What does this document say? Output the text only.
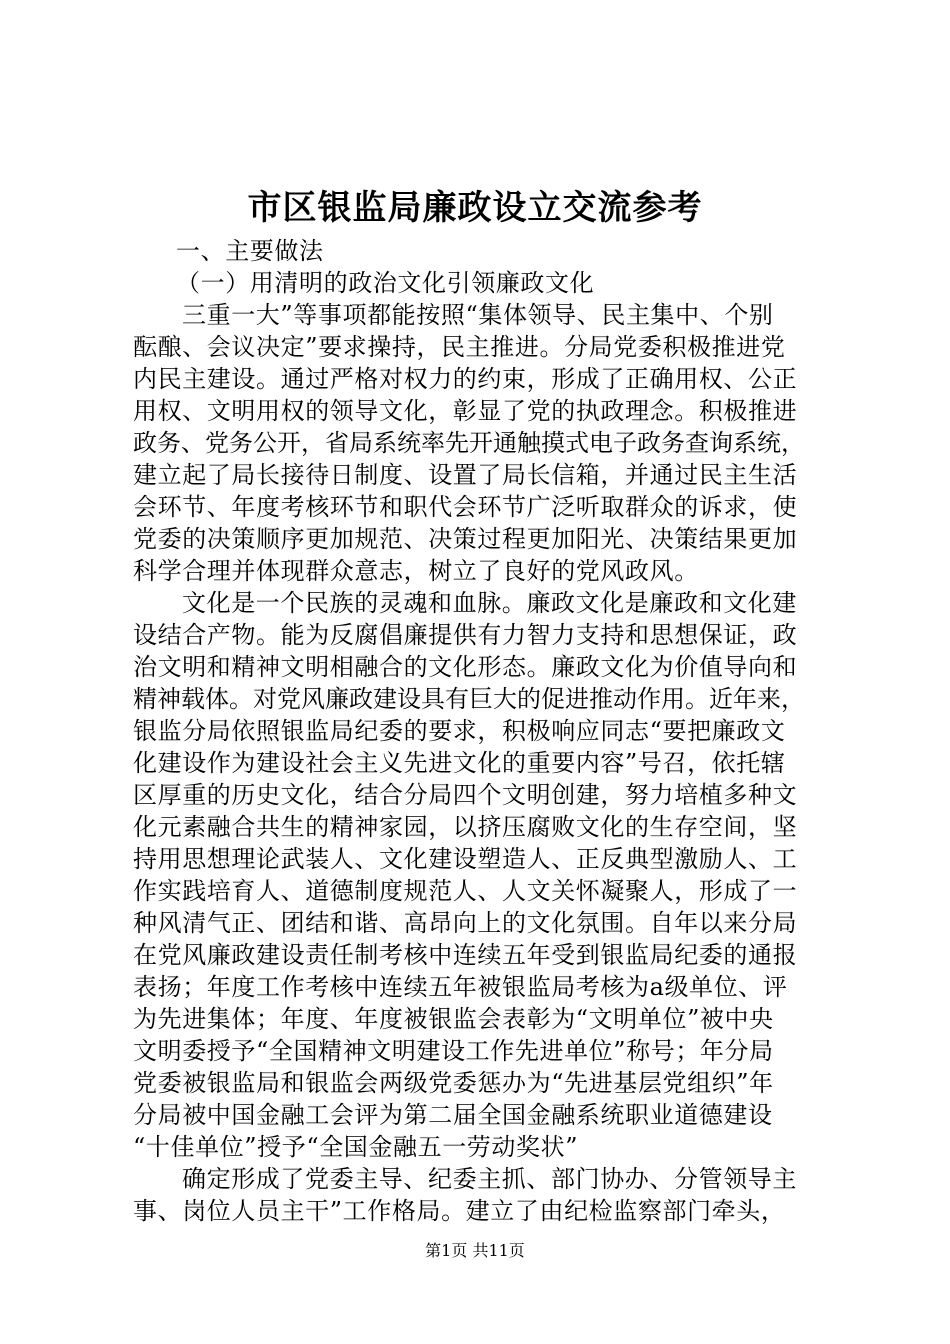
市区银监局廉政设立交流参考
一、主要做法
（一）用清明的政治文化引领廉政文化
三重一大”等事项都能按照“集体领导、民主集中、个别
酝酿、会议决定”要求操持，民主推进。分局党委积极推进党
内民主建设。通过严格对权力的约束，形成了正确用权、公正
用权、文明用权的领导文化，彰显了党的执政理念。积极推进
政务、党务公开，省局系统率先开通触摸式电子政务查询系统，
建立起了局长接待日制度、设置了局长信箱，并通过民主生活
会环节、年度考核环节和职代会环节广泛听取群众的诉求，使
党委的决策顺序更加规范、决策过程更加阳光、决策结果更加
科学合理并体现群众意志，树立了良好的党风政风。
文化是一个民族的灵魂和血脉。廉政文化是廉政和文化建
设结合产物。能为反腐倡廉提供有力智力支持和思想保证，政
治文明和精神文明相融合的文化形态。廉政文化为价值导向和
精神载体。对党风廉政建设具有巨大的促进推动作用。近年来，
银监分局依照银监局纪委的要求，积极响应同志“要把廉政文
化建设作为建设社会主义先进文化的重要内容”号召，依托辖
区厚重的历史文化，结合分局四个文明创建，努力培植多种文
化元素融合共生的精神家园，以挤压腐败文化的生存空间，坚
持用思想理论武装人、文化建设塑造人、正反典型激励人、工
作实践培育人、道德制度规范人、人文关怀凝聚人，形成了一
种风清气正、团结和谐、高昂向上的文化氛围。自年以来分局
在党风廉政建设责任制考核中连续五年受到银监局纪委的通报
表扬；年度工作考核中连续五年被银监局考核为a级单位、评
为先进集体；年度、年度被银监会表彰为“文明单位”被中央
文明委授予“全国精神文明建设工作先进单位”称号；年分局
党委被银监局和银监会两级党委惩办为“先进基层党组织”年
分局被中国金融工会评为第二届全国金融系统职业道德建设
“十佳单位”授予“全国金融五一劳动奖状”
确定形成了党委主导、纪委主抓、部门协办、分管领导主
事、岗位人员主干”工作格局。建立了由纪检监察部门牵头，
第1页 共11页
